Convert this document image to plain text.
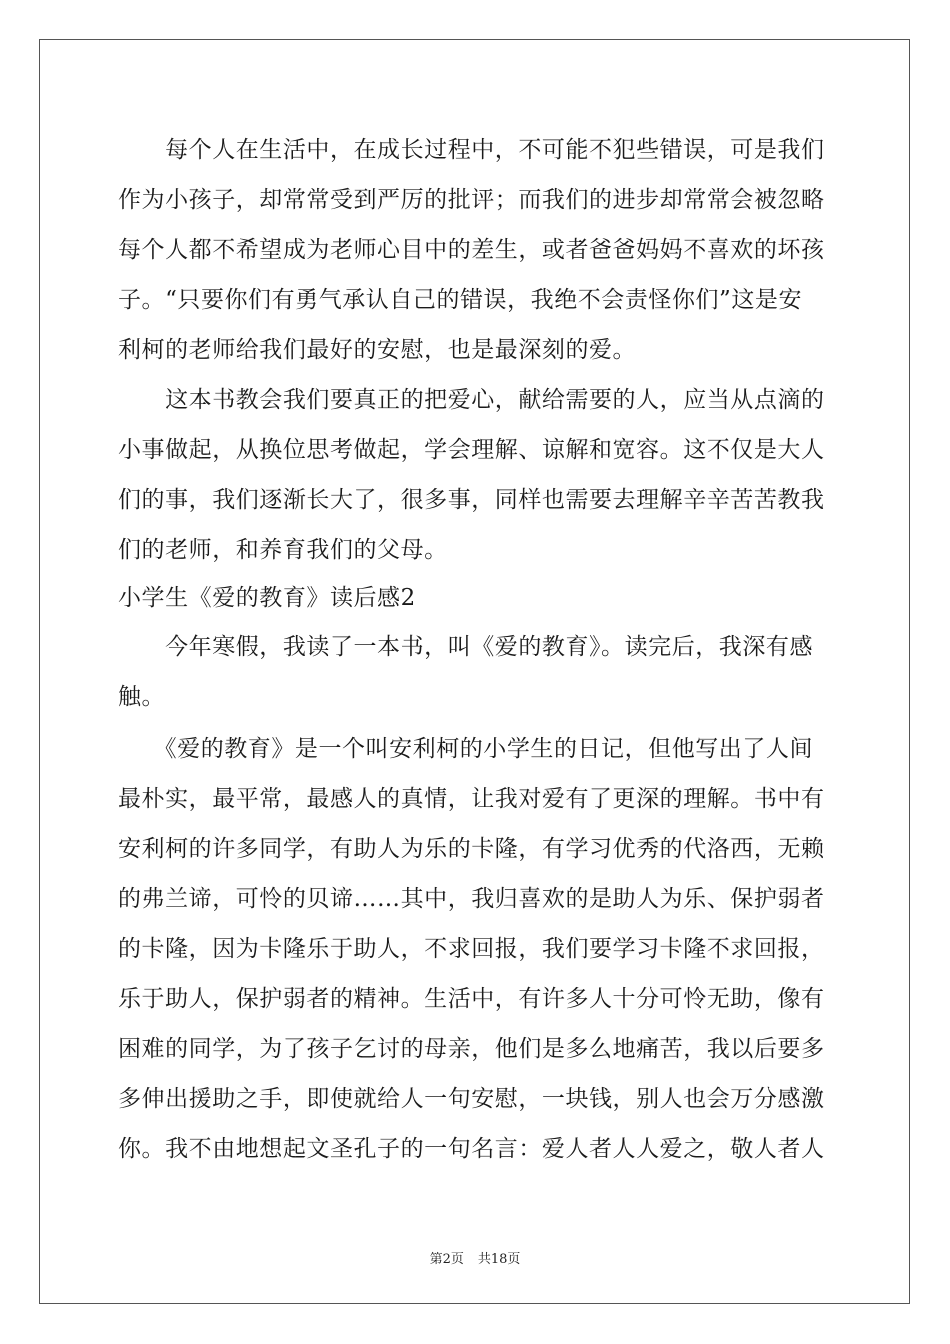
　　每个人在生活中，在成长过程中，不可能不犯些错误，可是我们
作为小孩子，却常常受到严厉的批评；而我们的进步却常常会被忽略
每个人都不希望成为老师心目中的差生，或者爸爸妈妈不喜欢的坏孩
子。“只要你们有勇气承认自己的错误，我绝不会责怪你们”这是安
利柯的老师给我们最好的安慰，也是最深刻的爱。
　　这本书教会我们要真正的把爱心，献给需要的人，应当从点滴的
小事做起，从换位思考做起，学会理解、谅解和宽容。这不仅是大人
们的事，我们逐渐长大了，很多事，同样也需要去理解辛辛苦苦教我
们的老师，和养育我们的父母。
小学生《爱的教育》读后感2
　　今年寒假，我读了一本书，叫《爱的教育》。读完后，我深有感
触。
　　《爱的教育》是一个叫安利柯的小学生的日记，但他写出了人间
最朴实，最平常，最感人的真情，让我对爱有了更深的理解。书中有
安利柯的许多同学，有助人为乐的卡隆，有学习优秀的代洛西，无赖
的弗兰谛，可怜的贝谛……其中，我归喜欢的是助人为乐、保护弱者
的卡隆，因为卡隆乐于助人，不求回报，我们要学习卡隆不求回报，
乐于助人，保护弱者的精神。生活中，有许多人十分可怜无助，像有
困难的同学，为了孩子乞讨的母亲，他们是多么地痛苦，我以后要多
多伸出援助之手，即使就给人一句安慰，一块钱，别人也会万分感激
你。我不由地想起文圣孔子的一句名言：爱人者人人爱之，敬人者人
第2页 共18页
